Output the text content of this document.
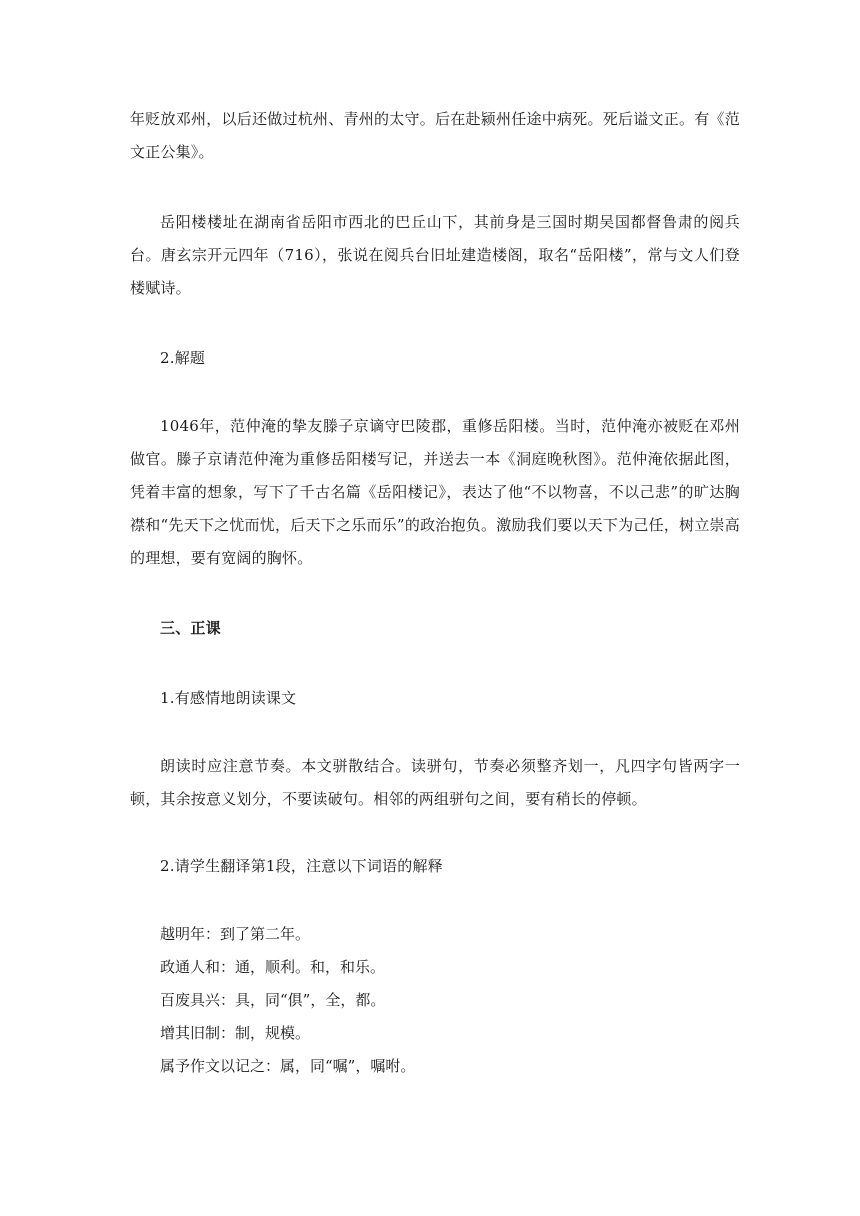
年贬放邓州，以后还做过杭州、青州的太守。后在赴颍州任途中病死。死后谥文正。有《范文正公集》。

岳阳楼楼址在湖南省岳阳市西北的巴丘山下，其前身是三国时期吴国都督鲁肃的阅兵台。唐玄宗开元四年（716），张说在阅兵台旧址建造楼阁，取名“岳阳楼”，常与文人们登楼赋诗。

2.解题

1046年，范仲淹的挚友滕子京谪守巴陵郡，重修岳阳楼。当时，范仲淹亦被贬在邓州做官。滕子京请范仲淹为重修岳阳楼写记，并送去一本《洞庭晚秋图》。范仲淹依据此图，凭着丰富的想象，写下了千古名篇《岳阳楼记》，表达了他“不以物喜，不以己悲”的旷达胸襟和“先天下之忧而忧，后天下之乐而乐”的政治抱负。激励我们要以天下为己任，树立崇高的理想，要有宽阔的胸怀。

三、正课

1.有感情地朗读课文

朗读时应注意节奏。本文骈散结合。读骈句，节奏必须整齐划一，凡四字句皆两字一顿，其余按意义划分，不要读破句。相邻的两组骈句之间，要有稍长的停顿。

2.请学生翻译第1段，注意以下词语的解释

越明年：到了第二年。
政通人和：通，顺利。和，和乐。
百废具兴：具，同“俱”，全，都。
增其旧制：制，规模。
属予作文以记之：属，同“嘱”，嘱咐。
